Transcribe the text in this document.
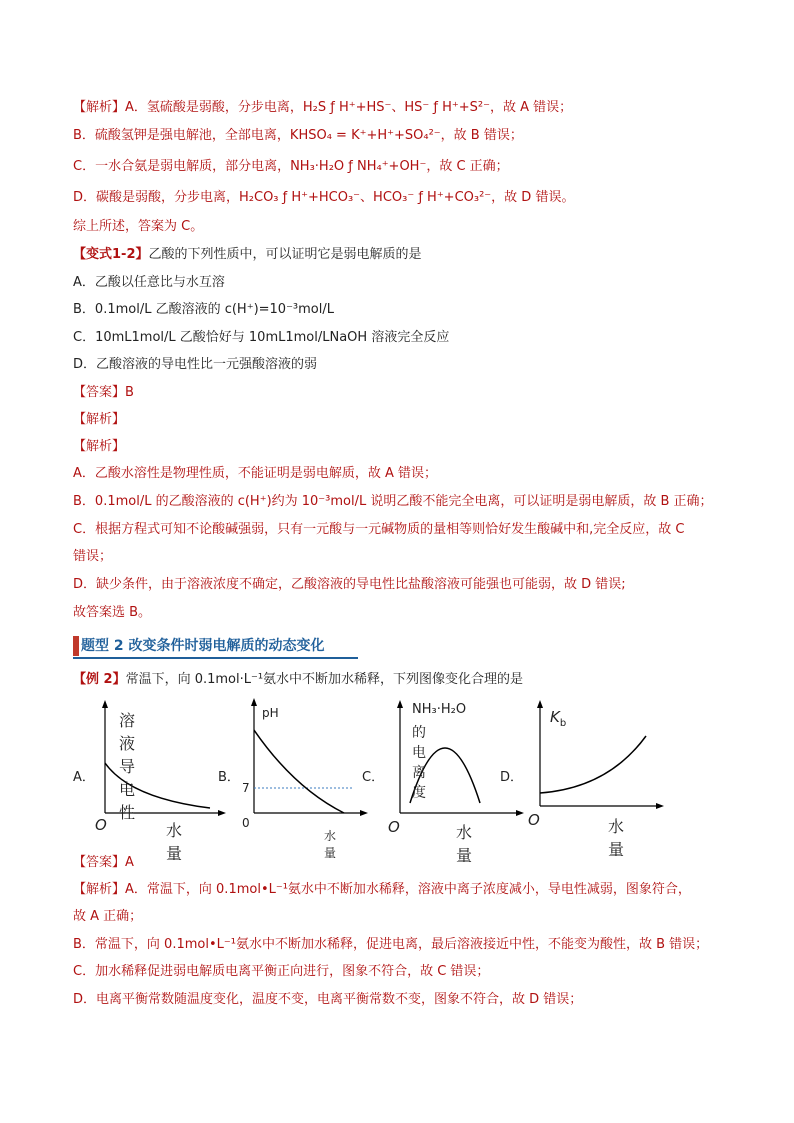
【解析】A．氢硫酸是弱酸，分步电离，H₂S ƒ H⁺+HS⁻、HS⁻ ƒ H⁺+S²⁻，故 A 错误；
B．硫酸氢钾是强电解池，全部电离，KHSO₄ = K⁺+H⁺+SO₄²⁻，故 B 错误；
C．一水合氨是弱电解质，部分电离，NH₃·H₂O ƒ NH₄⁺+OH⁻，故 C 正确；
D．碳酸是弱酸，分步电离，H₂CO₃ ƒ H⁺+HCO₃⁻、HCO₃⁻ ƒ H⁺+CO₃²⁻，故 D 错误。
综上所述，答案为 C。
【变式1-2】乙酸的下列性质中，可以证明它是弱电解质的是
A．乙酸以任意比与水互溶
B．0.1mol/L 乙酸溶液的 c(H⁺)=10⁻³mol/L
C．10mL1mol/L 乙酸恰好与 10mL1mol/LNaOH 溶液完全反应
D．乙酸溶液的导电性比一元强酸溶液的弱
【答案】B
【解析】
【解析】
A．乙酸水溶性是物理性质，不能证明是弱电解质，故 A 错误；
B．0.1mol/L 的乙酸溶液的 c(H⁺)约为 10⁻³mol/L 说明乙酸不能完全电离，可以证明是弱电解质，故 B 正确；
C．根据方程式可知不论酸碱强弱，只有一元酸与一元碱物质的量相等则恰好发生酸碱中和,完全反应，故 C
错误；
D．缺少条件，由于溶液浓度不确定，乙酸溶液的导电性比盐酸溶液可能强也可能弱，故 D 错误;
故答案选 B。
题型 2 改变条件时弱电解质的动态变化
【例 2】常温下，向 0.1mol·L⁻¹氨水中不断加水稀释，下列图像变化合理的是
A．
溶液导电性
O	水量
B．
pH
7
0
水量
C．
NH₃·H₂O
的电离度
O	水量
D．
$K_b$
O	水量
【答案】A
【解析】A．常温下，向 0.1mol•L⁻¹氨水中不断加水稀释，溶液中离子浓度减小，导电性减弱，图象符合，
故 A 正确；
B．常温下，向 0.1mol•L⁻¹氨水中不断加水稀释，促进电离，最后溶液接近中性，不能变为酸性，故 B 错误；
C．加水稀释促进弱电解质电离平衡正向进行，图象不符合，故 C 错误；
D．电离平衡常数随温度变化，温度不变，电离平衡常数不变，图象不符合，故 D 错误；
